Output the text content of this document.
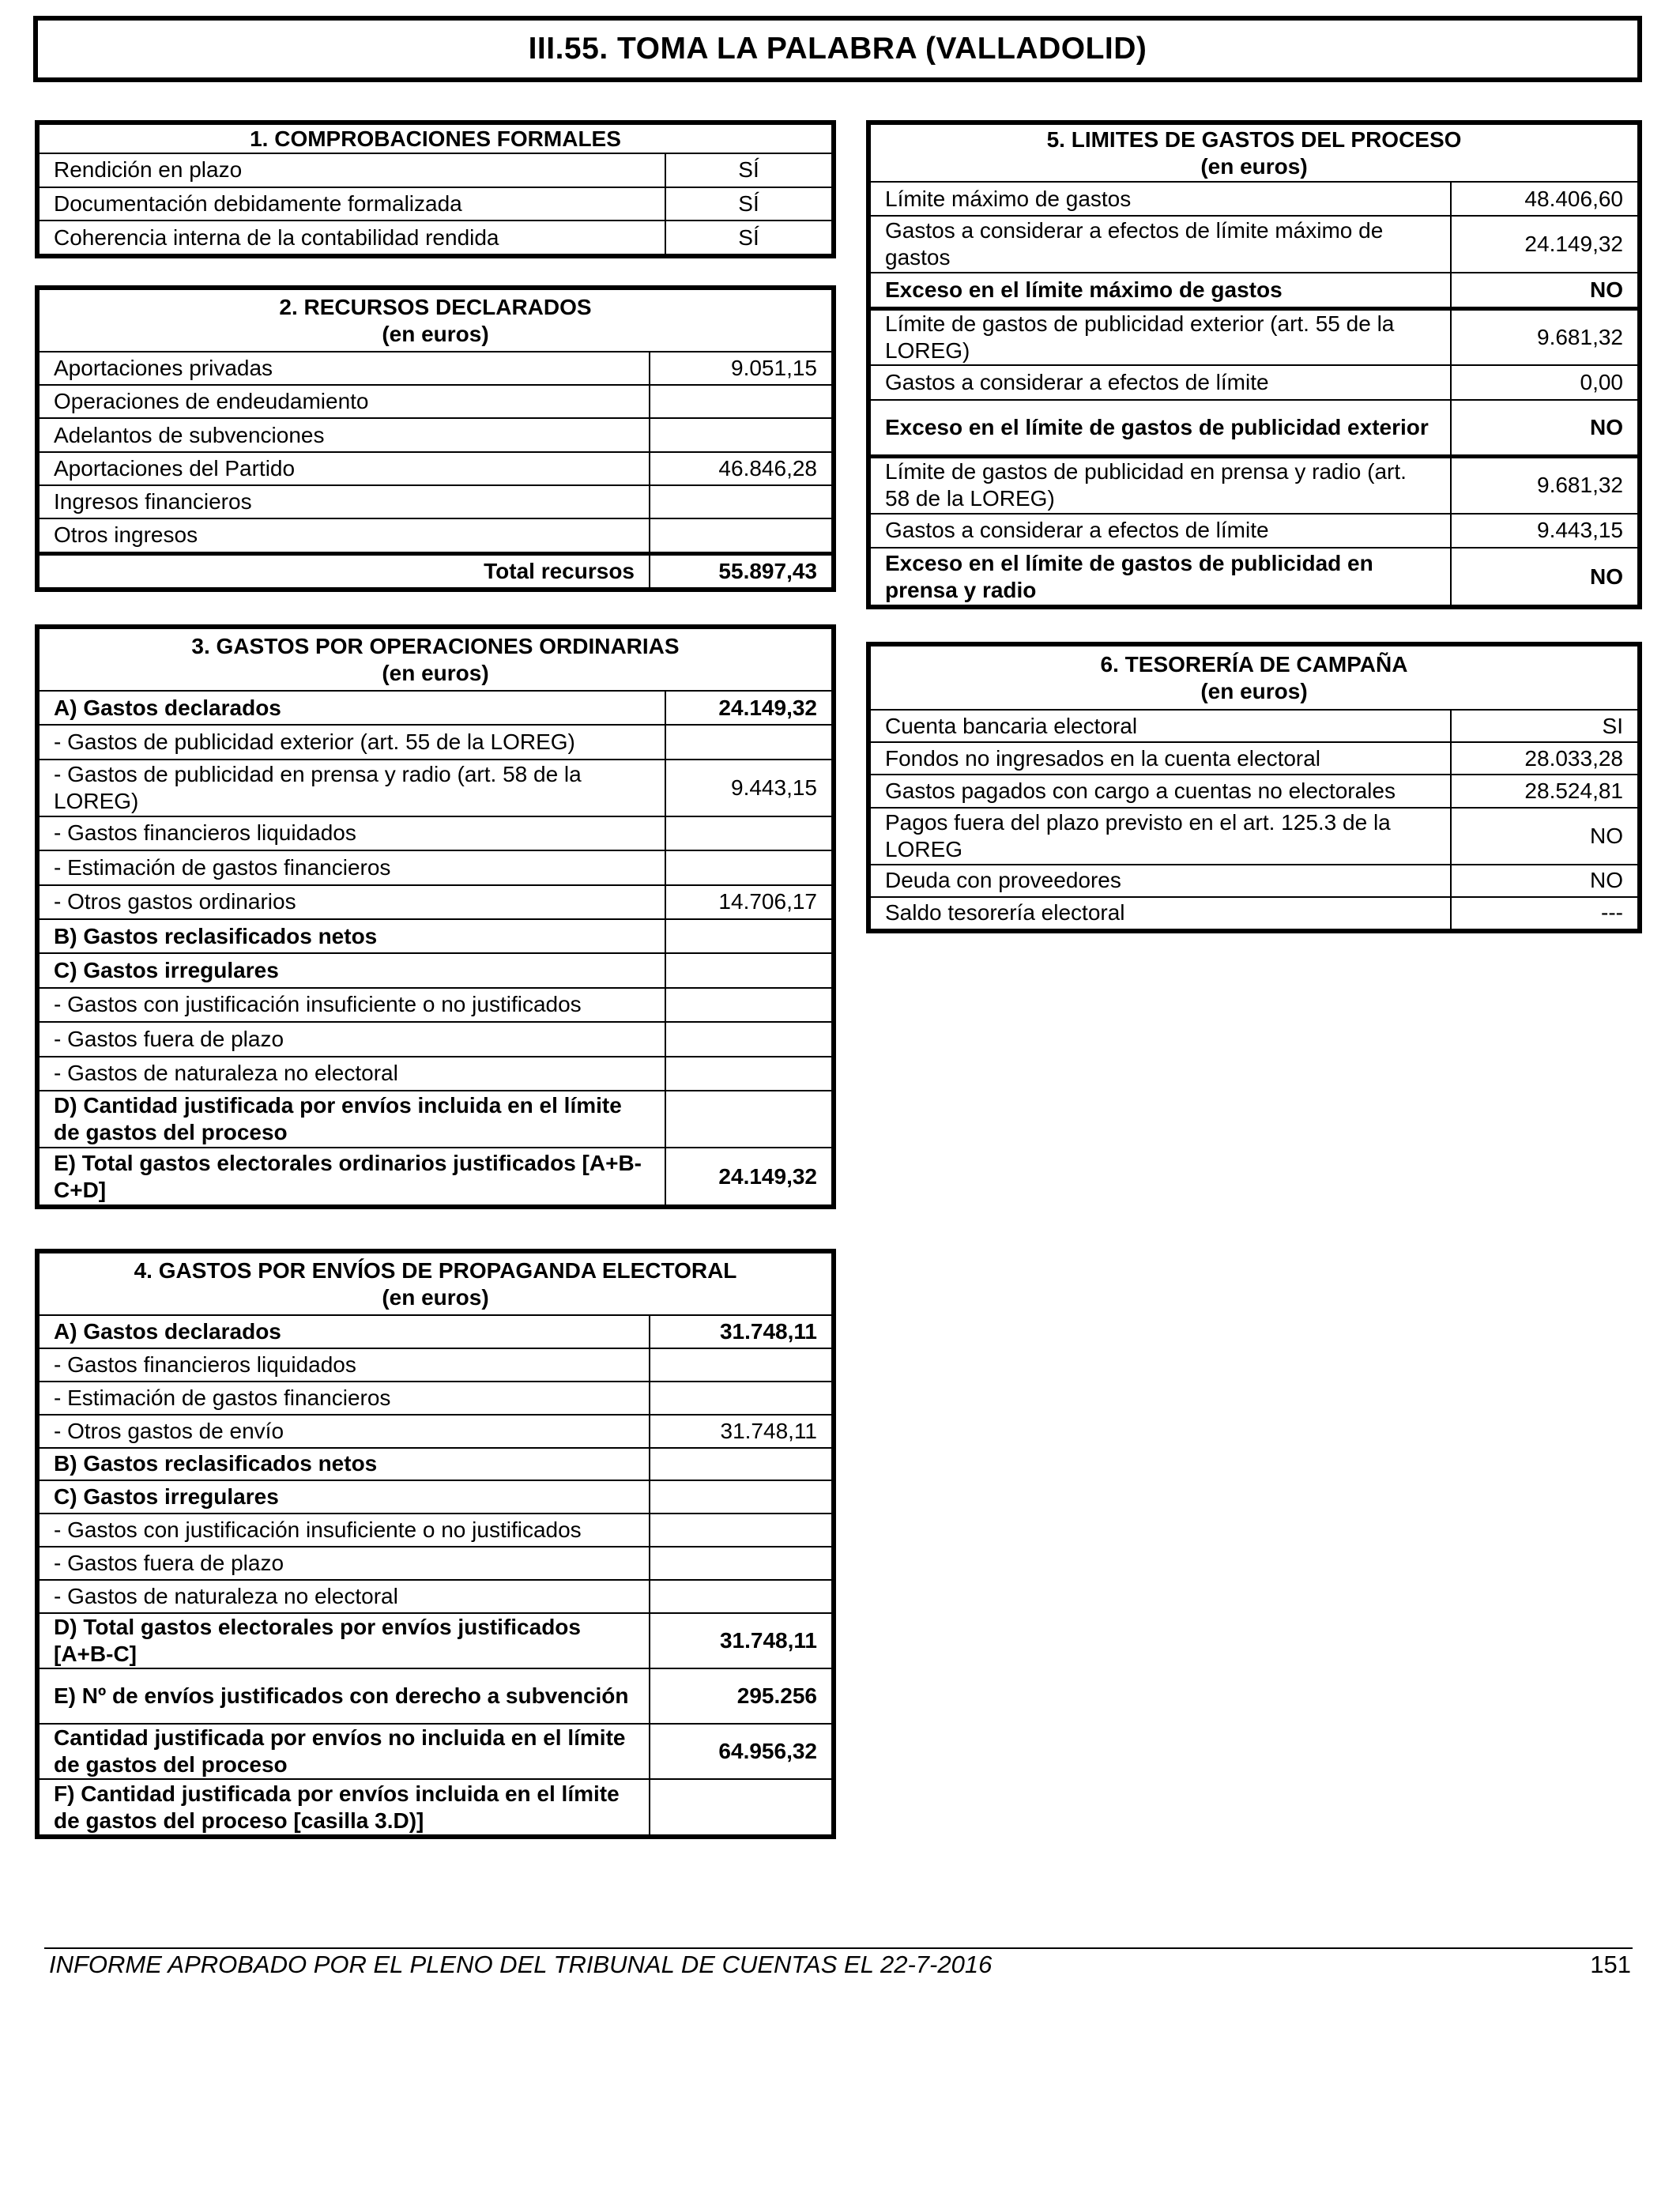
III.55. TOMA LA PALABRA (VALLADOLID)
1. COMPROBACIONES FORMALES	
Rendición en plazo	SÍ
Documentación debidamente formalizada	SÍ
Coherencia interna de la contabilidad rendida	SÍ
2. RECURSOS DECLARADOS
(en euros)	

Aportaciones privadas	9.051,15
Operaciones de endeudamiento	
Adelantos de subvenciones	
Aportaciones del Partido	46.846,28
Ingresos financieros	
Otros ingresos	
Total recursos	55.897,43
3. GASTOS POR OPERACIONES ORDINARIAS
(en euros)	

A) Gastos declarados	24.149,32
- Gastos de publicidad exterior (art. 55 de la LOREG)	
- Gastos de publicidad en prensa y radio (art. 58 de la LOREG)	9.443,15
- Gastos financieros liquidados	
- Estimación de gastos financieros	
- Otros gastos ordinarios	14.706,17
B) Gastos reclasificados netos	
C) Gastos irregulares	
- Gastos con justificación insuficiente o no justificados	
- Gastos fuera de plazo	
- Gastos de naturaleza no electoral	
D) Cantidad justificada por envíos incluida en el límite de gastos del proceso	
E) Total gastos electorales ordinarios justificados [A+B-C+D]	24.149,32
4. GASTOS POR ENVÍOS DE PROPAGANDA ELECTORAL
(en euros)	

A) Gastos declarados	31.748,11
- Gastos financieros liquidados	
- Estimación de gastos financieros	
- Otros gastos de envío	31.748,11
B) Gastos reclasificados netos	
C) Gastos irregulares	
- Gastos con justificación insuficiente o no justificados	
- Gastos fuera de plazo	
- Gastos de naturaleza no electoral	
D) Total gastos electorales por envíos justificados [A+B-C]	31.748,11
E) Nº de envíos justificados con derecho a subvención	295.256
Cantidad justificada por envíos no incluida en el límite de gastos del proceso	64.956,32
F) Cantidad justificada por envíos incluida en el límite de gastos del proceso [casilla 3.D)]	
5. LIMITES DE GASTOS DEL PROCESO
(en euros)	

Límite máximo de gastos	48.406,60
Gastos a considerar a efectos de límite máximo de gastos	24.149,32
Exceso en el límite máximo de gastos	NO
Límite de gastos de publicidad exterior (art. 55 de la LOREG)	9.681,32
Gastos a considerar a efectos de límite	0,00
Exceso en el límite de gastos de publicidad exterior	NO
Límite de gastos de publicidad en prensa y radio (art. 58 de la LOREG)	9.681,32
Gastos a considerar a efectos de límite	9.443,15
Exceso en el límite de gastos de publicidad en prensa y radio	NO
6. TESORERÍA DE CAMPAÑA
(en euros)	

Cuenta bancaria electoral	SI
Fondos no ingresados en la cuenta electoral	28.033,28
Gastos pagados con cargo a cuentas no electorales	28.524,81
Pagos fuera del plazo previsto en el art. 125.3 de la LOREG	NO
Deuda con proveedores	NO
Saldo tesorería electoral	---
INFORME APROBADO POR EL PLENO DEL TRIBUNAL DE CUENTAS EL 22-7-2016	151
